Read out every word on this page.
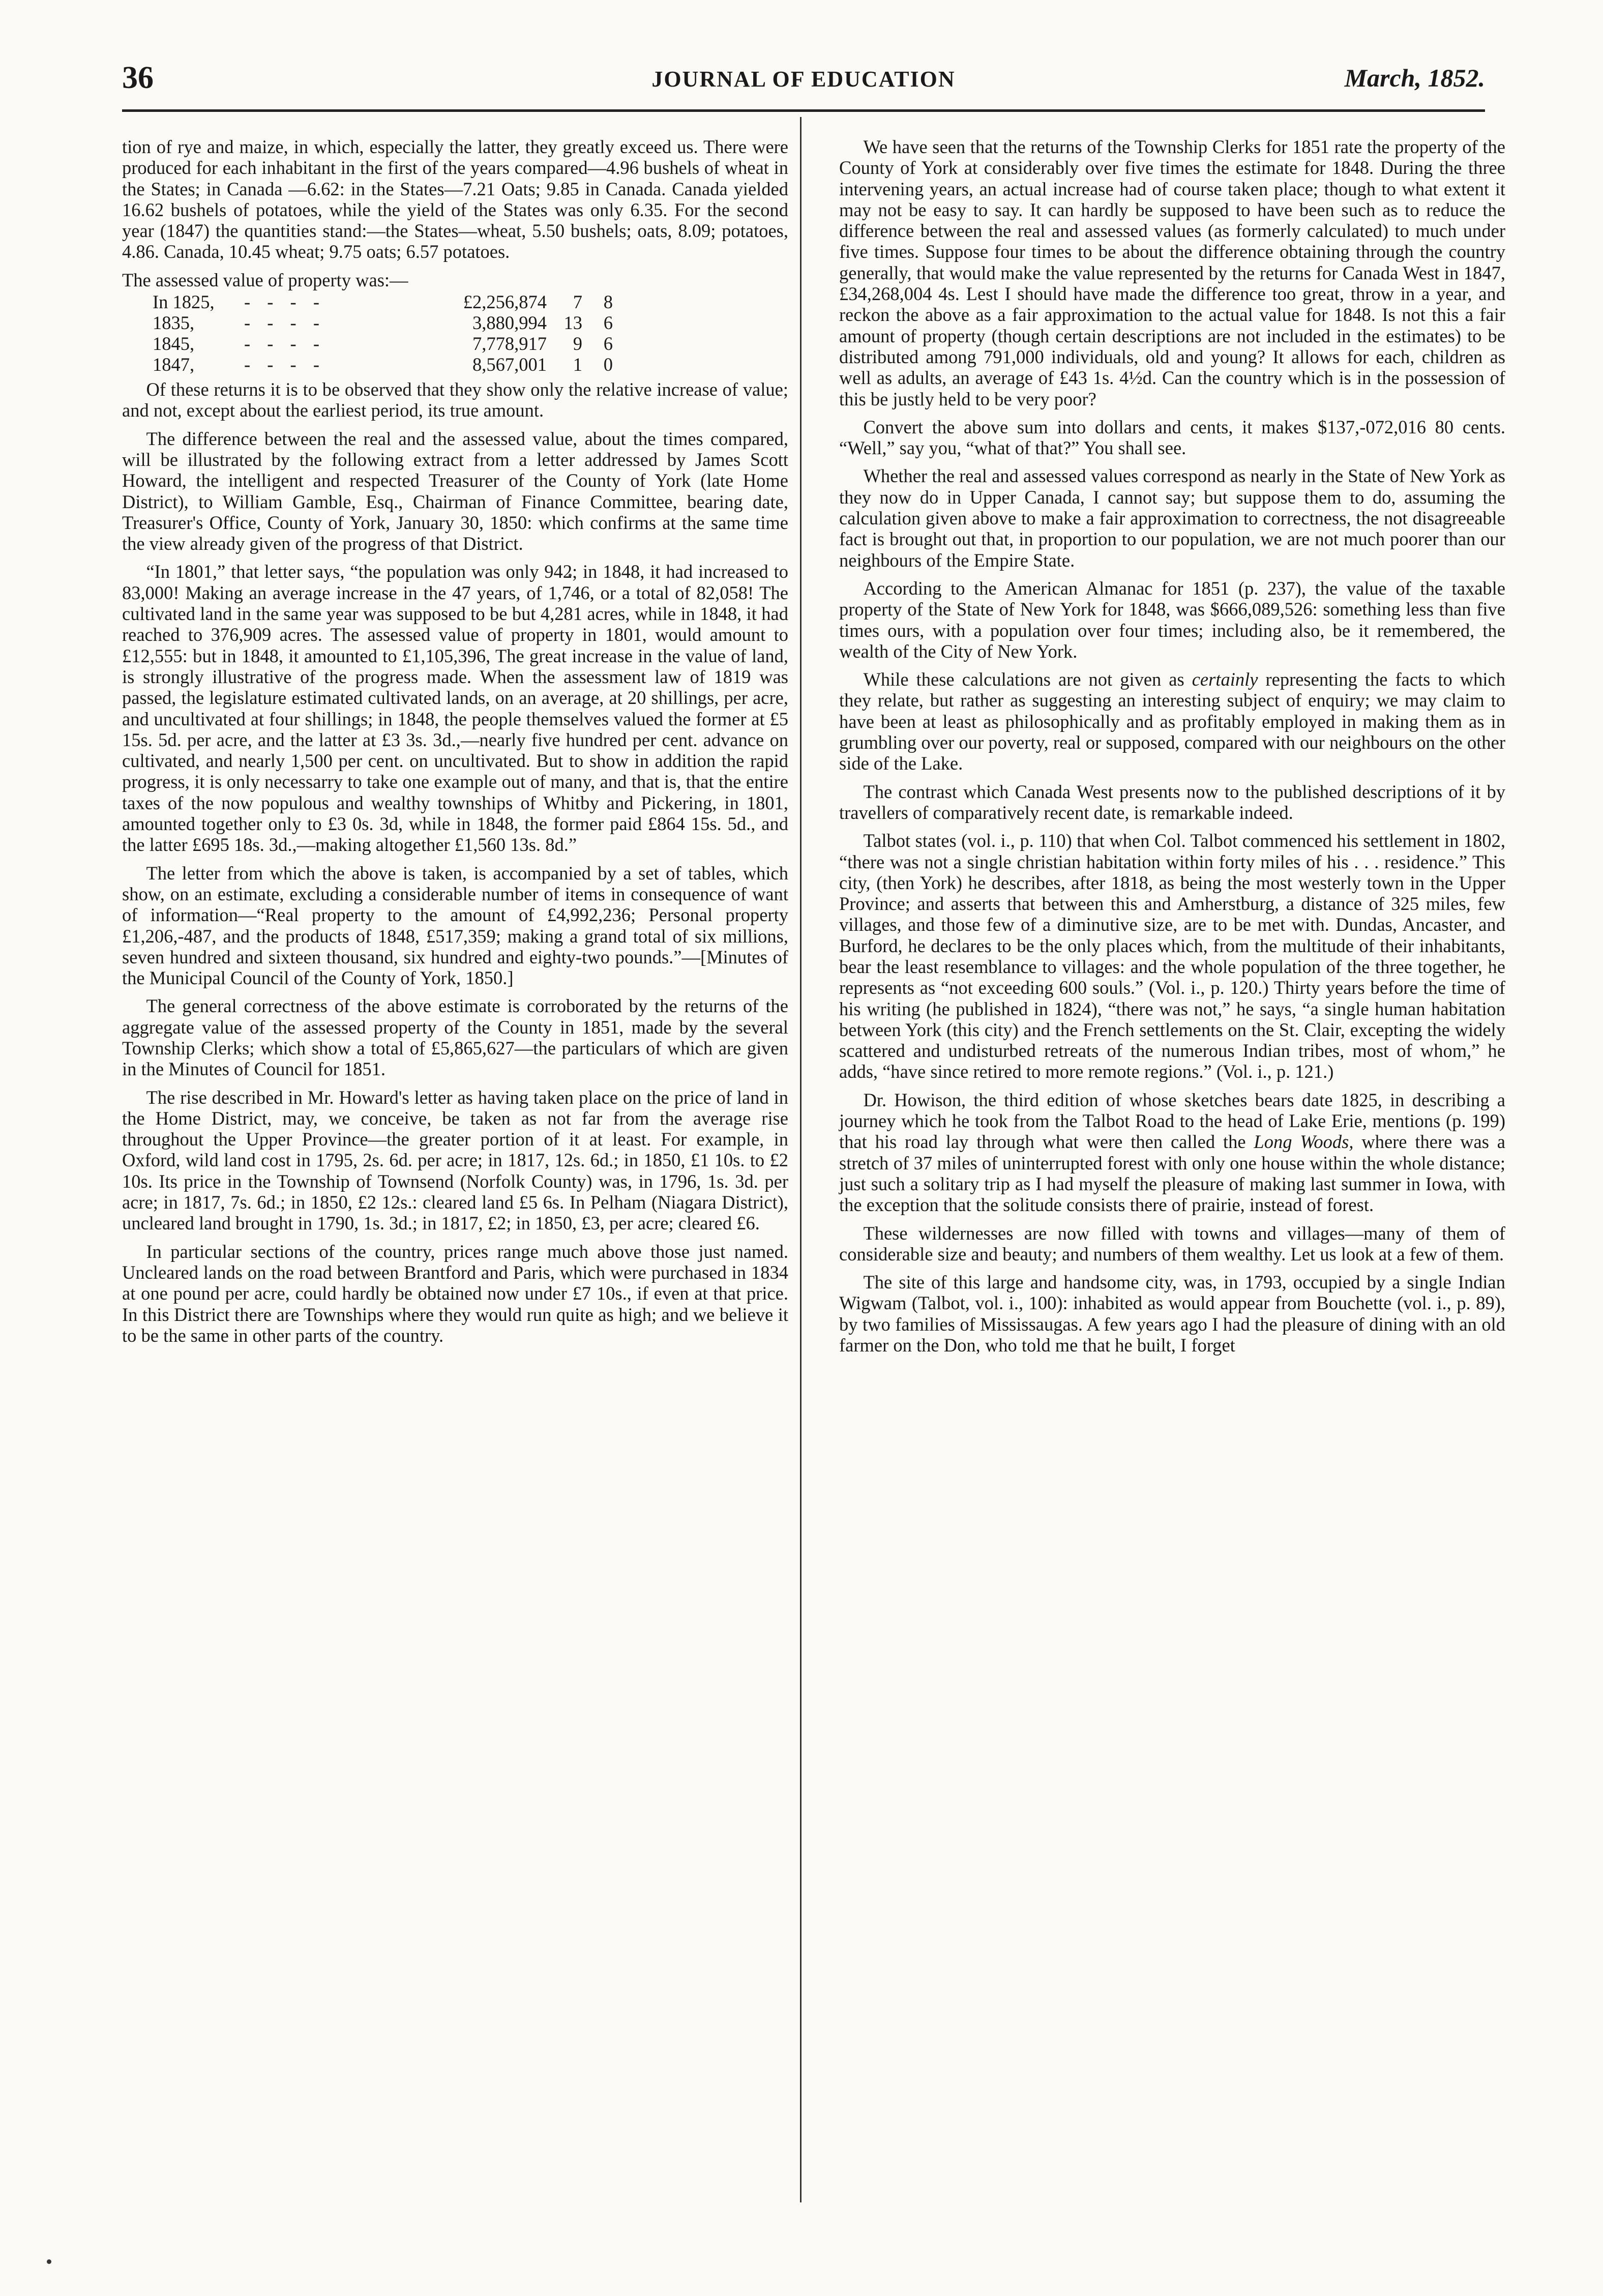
36	JOURNAL OF EDUCATION	March, 1852.

tion of rye and maize, in which, especially the latter, they greatly exceed us. There were produced for each inhabitant in the first of the years compared—4.96 bushels of wheat in the States; in Canada —6.62: in the States—7.21 Oats; 9.85 in Canada. Canada yielded 16.62 bushels of potatoes, while the yield of the States was only 6.35. For the second year (1847) the quantities stand:—the States—wheat, 5.50 bushels; oats, 8.09; potatoes, 4.86. Canada, 10.45 wheat; 9.75 oats; 6.57 potatoes.

The assessed value of property was:—

In 1825,	- - - -	£2,256,874	7	8
1835,	- - - -	3,880,994	13	6
1845,	- - - -	7,778,917	9	6
1847,	- - - -	8,567,001	1	0

Of these returns it is to be observed that they show only the relative increase of value; and not, except about the earliest period, its true amount.

The difference between the real and the assessed value, about the times compared, will be illustrated by the following extract from a letter addressed by James Scott Howard, the intelligent and respected Treasurer of the County of York (late Home District), to William Gamble, Esq., Chairman of Finance Committee, bearing date, Treasurer's Office, County of York, January 30, 1850: which confirms at the same time the view already given of the progress of that District.

“In 1801,” that letter says, “the population was only 942; in 1848, it had increased to 83,000! Making an average increase in the 47 years, of 1,746, or a total of 82,058! The cultivated land in the same year was supposed to be but 4,281 acres, while in 1848, it had reached to 376,909 acres. The assessed value of property in 1801, would amount to £12,555: but in 1848, it amounted to £1,105,396, The great increase in the value of land, is strongly illustrative of the progress made. When the assessment law of 1819 was passed, the legislature estimated cultivated lands, on an average, at 20 shillings, per acre, and uncultivated at four shillings; in 1848, the people themselves valued the former at £5 15s. 5d. per acre, and the latter at £3 3s. 3d.,—nearly five hundred per cent. advance on cultivated, and nearly 1,500 per cent. on uncultivated. But to show in addition the rapid progress, it is only necessarry to take one example out of many, and that is, that the entire taxes of the now populous and wealthy townships of Whitby and Pickering, in 1801, amounted together only to £3 0s. 3d, while in 1848, the former paid £864 15s. 5d., and the latter £695 18s. 3d.,—making altogether £1,560 13s. 8d.”

The letter from which the above is taken, is accompanied by a set of tables, which show, on an estimate, excluding a considerable number of items in consequence of want of information—“Real property to the amount of £4,992,236; Personal property £1,206,-487, and the products of 1848, £517,359; making a grand total of six millions, seven hundred and sixteen thousand, six hundred and eighty-two pounds.”—[Minutes of the Municipal Council of the County of York, 1850.]

The general correctness of the above estimate is corroborated by the returns of the aggregate value of the assessed property of the County in 1851, made by the several Township Clerks; which show a total of £5,865,627—the particulars of which are given in the Minutes of Council for 1851.

The rise described in Mr. Howard's letter as having taken place on the price of land in the Home District, may, we conceive, be taken as not far from the average rise throughout the Upper Province—the greater portion of it at least. For example, in Oxford, wild land cost in 1795, 2s. 6d. per acre; in 1817, 12s. 6d.; in 1850, £1 10s. to £2 10s. Its price in the Township of Townsend (Norfolk County) was, in 1796, 1s. 3d. per acre; in 1817, 7s. 6d.; in 1850, £2 12s.: cleared land £5 6s. In Pelham (Niagara District), uncleared land brought in 1790, 1s. 3d.; in 1817, £2; in 1850, £3, per acre; cleared £6.

In particular sections of the country, prices range much above those just named. Uncleared lands on the road between Brantford and Paris, which were purchased in 1834 at one pound per acre, could hardly be obtained now under £7 10s., if even at that price. In this District there are Townships where they would run quite as high; and we believe it to be the same in other parts of the country.

We have seen that the returns of the Township Clerks for 1851 rate the property of the County of York at considerably over five times the estimate for 1848. During the three intervening years, an actual increase had of course taken place; though to what extent it may not be easy to say. It can hardly be supposed to have been such as to reduce the difference between the real and assessed values (as formerly calculated) to much under five times. Suppose four times to be about the difference obtaining through the country generally, that would make the value represented by the returns for Canada West in 1847, £34,268,004 4s. Lest I should have made the difference too great, throw in a year, and reckon the above as a fair approximation to the actual value for 1848. Is not this a fair amount of property (though certain descriptions are not included in the estimates) to be distributed among 791,000 individuals, old and young? It allows for each, children as well as adults, an average of £43 1s. 4½d. Can the country which is in the possession of this be justly held to be very poor?

Convert the above sum into dollars and cents, it makes $137,-072,016 80 cents. “Well,” say you, “what of that?” You shall see.

Whether the real and assessed values correspond as nearly in the State of New York as they now do in Upper Canada, I cannot say; but suppose them to do, assuming the calculation given above to make a fair approximation to correctness, the not disagreeable fact is brought out that, in proportion to our population, we are not much poorer than our neighbours of the Empire State.

According to the American Almanac for 1851 (p. 237), the value of the taxable property of the State of New York for 1848, was $666,089,526: something less than five times ours, with a population over four times; including also, be it remembered, the wealth of the City of New York.

While these calculations are not given as certainly representing the facts to which they relate, but rather as suggesting an interesting subject of enquiry; we may claim to have been at least as philosophically and as profitably employed in making them as in grumbling over our poverty, real or supposed, compared with our neighbours on the other side of the Lake.

The contrast which Canada West presents now to the published descriptions of it by travellers of comparatively recent date, is remarkable indeed.

Talbot states (vol. i., p. 110) that when Col. Talbot commenced his settlement in 1802, “there was not a single christian habitation within forty miles of his . . . residence.” This city, (then York) he describes, after 1818, as being the most westerly town in the Upper Province; and asserts that between this and Amherstburg, a distance of 325 miles, few villages, and those few of a diminutive size, are to be met with. Dundas, Ancaster, and Burford, he declares to be the only places which, from the multitude of their inhabitants, bear the least resemblance to villages: and the whole population of the three together, he represents as “not exceeding 600 souls.” (Vol. i., p. 120.) Thirty years before the time of his writing (he published in 1824), “there was not,” he says, “a single human habitation between York (this city) and the French settlements on the St. Clair, excepting the widely scattered and undisturbed retreats of the numerous Indian tribes, most of whom,” he adds, “have since retired to more remote regions.” (Vol. i., p. 121.)

Dr. Howison, the third edition of whose sketches bears date 1825, in describing a journey which he took from the Talbot Road to the head of Lake Erie, mentions (p. 199) that his road lay through what were then called the Long Woods, where there was a stretch of 37 miles of uninterrupted forest with only one house within the whole distance; just such a solitary trip as I had myself the pleasure of making last summer in Iowa, with the exception that the solitude consists there of prairie, instead of forest.

These wildernesses are now filled with towns and villages—many of them of considerable size and beauty; and numbers of them wealthy. Let us look at a few of them.

The site of this large and handsome city, was, in 1793, occupied by a single Indian Wigwam (Talbot, vol. i., 100): inhabited as would appear from Bouchette (vol. i., p. 89), by two families of Mississaugas. A few years ago I had the pleasure of dining with an old farmer on the Don, who told me that he built, I forget
